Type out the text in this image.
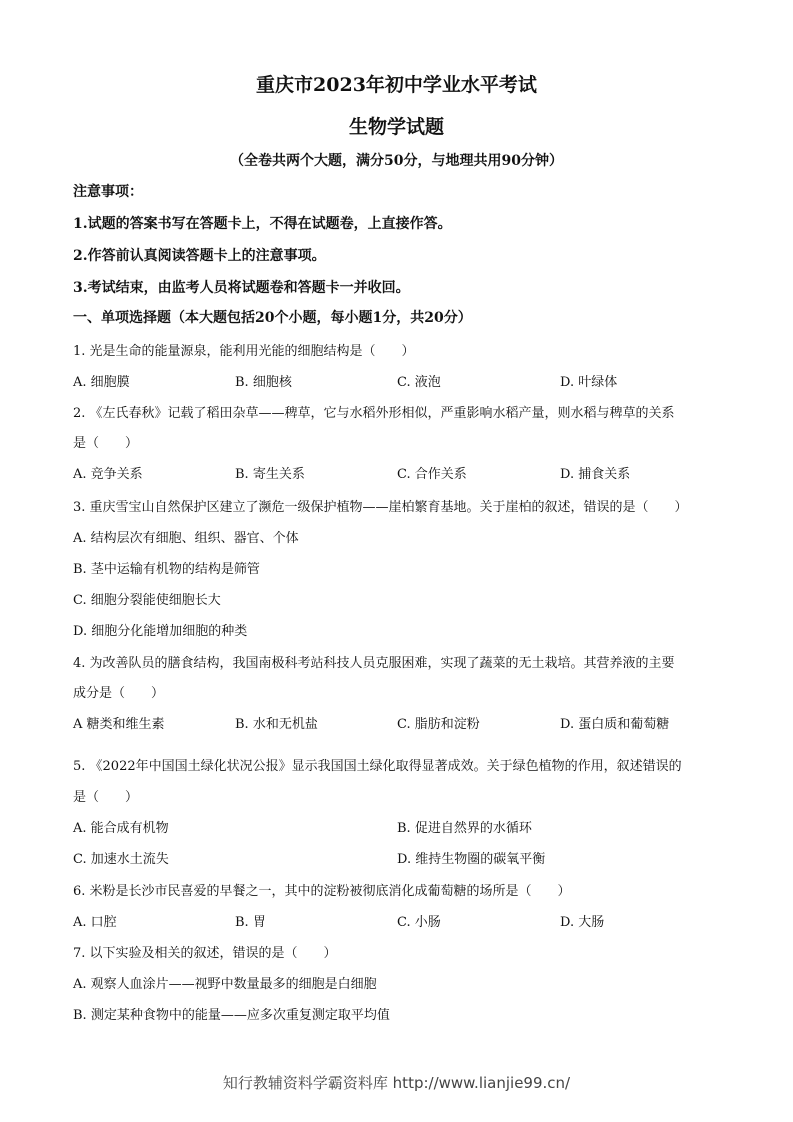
重庆市2023年初中学业水平考试
生物学试题
（全卷共两个大题，满分50分，与地理共用90分钟）
注意事项：
1.试题的答案书写在答题卡上，不得在试题卷，上直接作答。
2.作答前认真阅读答题卡上的注意事项。
3.考试结束，由监考人员将试题卷和答题卡一并收回。
一、单项选择题（本大题包括20个小题，每小题1分，共20分）
1. 光是生命的能量源泉，能利用光能的细胞结构是（　　）
A. 细胞膜	B. 细胞核	C. 液泡	D. 叶绿体
2. 《左氏春秋》记载了稻田杂草——稗草，它与水稻外形相似，严重影响水稻产量，则水稻与稗草的关系
是（　　）
A. 竞争关系	B. 寄生关系	C. 合作关系	D. 捕食关系
3. 重庆雪宝山自然保护区建立了濒危一级保护植物——崖柏繁育基地。关于崖柏的叙述，错误的是（　　）
A. 结构层次有细胞、组织、器官、个体
B. 茎中运输有机物的结构是筛管
C. 细胞分裂能使细胞长大
D. 细胞分化能增加细胞的种类
4. 为改善队员的膳食结构，我国南极科考站科技人员克服困难，实现了蔬菜的无土栽培。其营养液的主要
成分是（　　）
A 糖类和维生素	B. 水和无机盐	C. 脂肪和淀粉	D. 蛋白质和葡萄糖
5. 《2022年中国国土绿化状况公报》显示我国国土绿化取得显著成效。关于绿色植物的作用，叙述错误的
是（　　）
A. 能合成有机物	B. 促进自然界的水循环
C. 加速水土流失	D. 维持生物圈的碳氧平衡
6. 米粉是长沙市民喜爱的早餐之一，其中的淀粉被彻底消化成葡萄糖的场所是（　　）
A. 口腔	B. 胃	C. 小肠	D. 大肠
7. 以下实验及相关的叙述，错误的是（　　）
A. 观察人血涂片——视野中数量最多的细胞是白细胞
B. 测定某种食物中的能量——应多次重复测定取平均值
知行教辅资料学霸资料库 http://www.lianjie99.cn/
